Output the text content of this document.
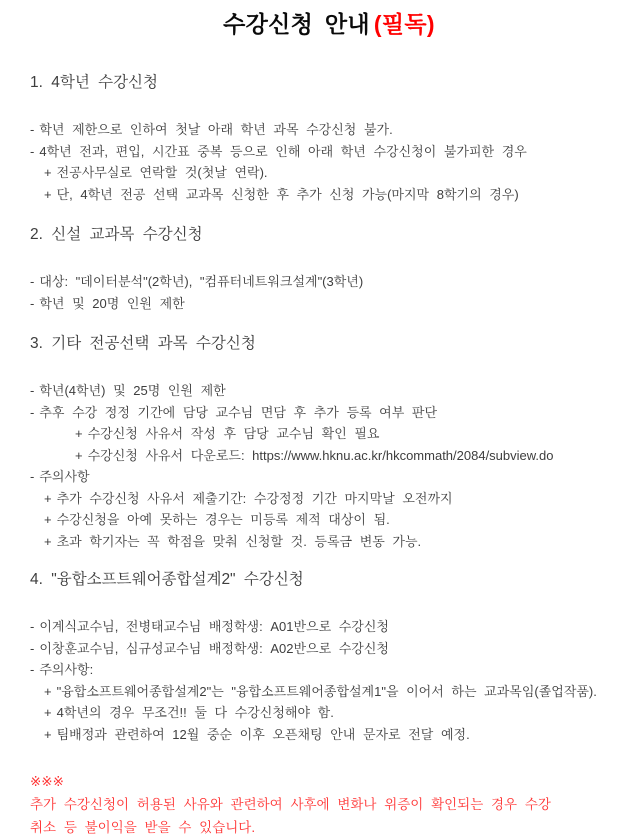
수강신청 안내 (필독)
1. 4학년 수강신청
- 학년 제한으로 인하여 첫날 아래 학년 과목 수강신청 불가.
- 4학년 전과, 편입, 시간표 중복 등으로 인해 아래 학년 수강신청이 불가피한 경우
+ 전공사무실로 연락할 것(첫날 연락).
+ 단, 4학년 전공 선택 교과목 신청한 후 추가 신청 가능(마지막 8학기의 경우)
2. 신설 교과목 수강신청
- 대상: "데이터분석"(2학년), "컴퓨터네트워크설계"(3학년)
- 학년 및 20명 인원 제한
3. 기타 전공선택 과목 수강신청
- 학년(4학년) 및 25명 인원 제한
- 추후 수강 정정 기간에 담당 교수님 면담 후 추가 등록 여부 판단
+ 수강신청 사유서 작성 후 담당 교수님 확인 필요
+ 수강신청 사유서 다운로드: https://www.hknu.ac.kr/hkcommath/2084/subview.do
- 주의사항
+ 추가 수강신청 사유서 제출기간: 수강정정 기간 마지막날 오전까지
+ 수강신청을 아예 못하는 경우는 미등록 제적 대상이 됨.
+ 초과 학기자는 꼭 학점을 맞춰 신청할 것. 등록금 변동 가능.
4. "융합소프트웨어종합설계2" 수강신청
- 이계식교수님, 전병태교수님 배정학생: A01반으로 수강신청
- 이창훈교수님, 심규성교수님 배정학생: A02반으로 수강신청
- 주의사항:
+ "융합소프트웨어종합설계2"는 "융합소프트웨어종합설계1"을 이어서 하는 교과목임(졸업작품).
+ 4학년의 경우 무조건!! 둘 다 수강신청해야 함.
+ 팀배정과 관련하여 12월 중순 이후 오픈채팅 안내 문자로 전달 예정.
※※※
추가 수강신청이 허용된 사유와 관련하여 사후에 변화나 위증이 확인되는 경우 수강
취소 등 불이익을 받을 수 있습니다.
